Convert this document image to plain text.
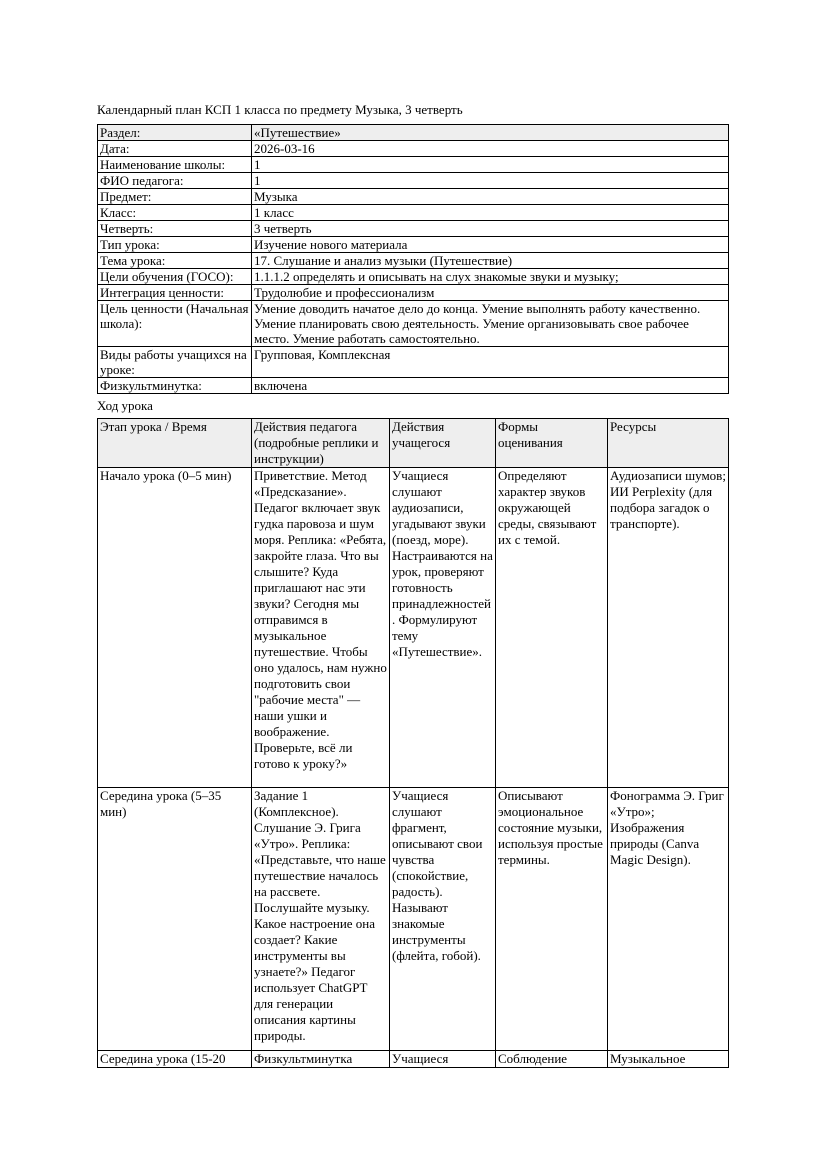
Календарный план КСП 1 класса по предмету Музыка, 3 четверть
Раздел:	«Путешествие»
Дата:	2026-03-16
Наименование школы:	1
ФИО педагога:	1
Предмет:	Музыка
Класс:	1 класс
Четверть:	3 четверть
Тип урока:	Изучение нового материала
Тема урока:	17. Слушание и анализ музыки (Путешествие)
Цели обучения (ГОСО):	1.1.1.2 определять и описывать на слух знакомые звуки и музыку;
Интеграция ценности:	Трудолюбие и профессионализм
Цель ценности (Начальная школа):	Умение доводить начатое дело до конца. Умение выполнять работу качественно. Умение планировать свою деятельность. Умение организовывать свое рабочее место. Умение работать самостоятельно.
Виды работы учащихся на уроке:	Групповая, Комплексная
Физкультминутка:	включена
Ход урока
Этап урока / Время	Действия педагога (подробные реплики и инструкции)	Действия учащегося	Формы оценивания	Ресурсы
Начало урока (0–5 мин)	Приветствие. Метод «Предсказание». Педагог включает звук гудка паровоза и шум моря. Реплика: «Ребята, закройте глаза. Что вы слышите? Куда приглашают нас эти звуки? Сегодня мы отправимся в музыкальное путешествие. Чтобы оно удалось, нам нужно подготовить свои "рабочие места" — наши ушки и воображение. Проверьте, всё ли готово к уроку?»	Учащиеся слушают аудиозаписи, угадывают звуки (поезд, море). Настраиваются на урок, проверяют готовность принадлежностей. Формулируют тему «Путешествие».	Определяют характер звуков окружающей среды, связывают их с темой.	Аудиозаписи шумов; ИИ Perplexity (для подбора загадок о транспорте).
Середина урока (5–35 мин)	Задание 1 (Комплексное). Слушание Э. Грига «Утро». Реплика: «Представьте, что наше путешествие началось на рассвете. Послушайте музыку. Какое настроение она создает? Какие инструменты вы узнаете?» Педагог использует ChatGPT для генерации описания картины природы.	Учащиеся слушают фрагмент, описывают свои чувства (спокойствие, радость). Называют знакомые инструменты (флейта, гобой).	Описывают эмоциональное состояние музыки, используя простые термины.	Фонограмма Э. Григ «Утро»; Изображения природы (Canva Magic Design).
Середина урока (15-20	Физкультминутка	Учащиеся	Соблюдение	Музыкальное
